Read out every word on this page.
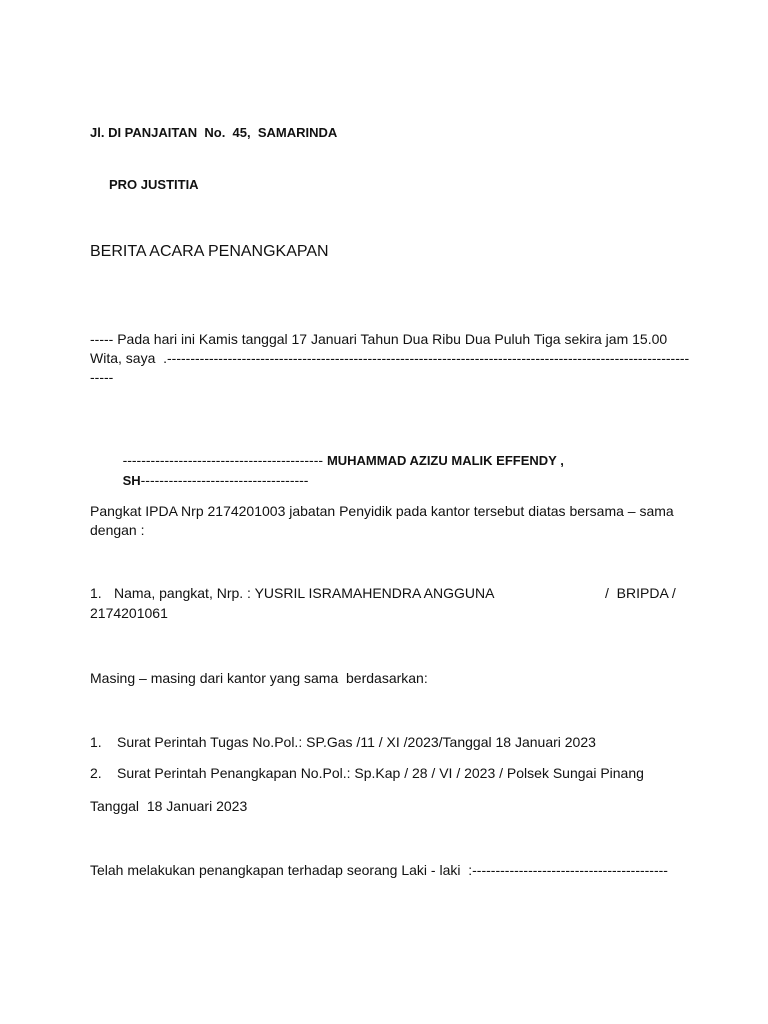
Jl. DI PANJAITAN  No.  45,  SAMARINDA
PRO JUSTITIA
BERITA ACARA PENANGKAPAN
----- Pada hari ini Kamis tanggal 17 Januari Tahun Dua Ribu Dua Puluh Tiga sekira jam 15.00
Wita, saya  .----------------------------------------------------------------------------------------------------------------
-----

------------------------------------------- MUHAMMAD AZIZU MALIK EFFENDY ,

SH------------------------------------

Pangkat IPDA Nrp 2174201003 jabatan Penyidik pada kantor tersebut diatas bersama – sama
dengan :
1. Nama, pangkat, Nrp. : YUSRIL ISRAMAHENDRA ANGGUNA	/  BRIPDA /
2174201061
Masing – masing dari kantor yang sama  berdasarkan:
1. Surat Perintah Tugas No.Pol.: SP.Gas /11 / XI /2023/Tanggal 18 Januari 2023
2. Surat Perintah Penangkapan No.Pol.: Sp.Kap / 28 / VI / 2023 / Polsek Sungai Pinang
Tanggal  18 Januari 2023
Telah melakukan penangkapan terhadap seorang Laki - laki  :------------------------------------------
